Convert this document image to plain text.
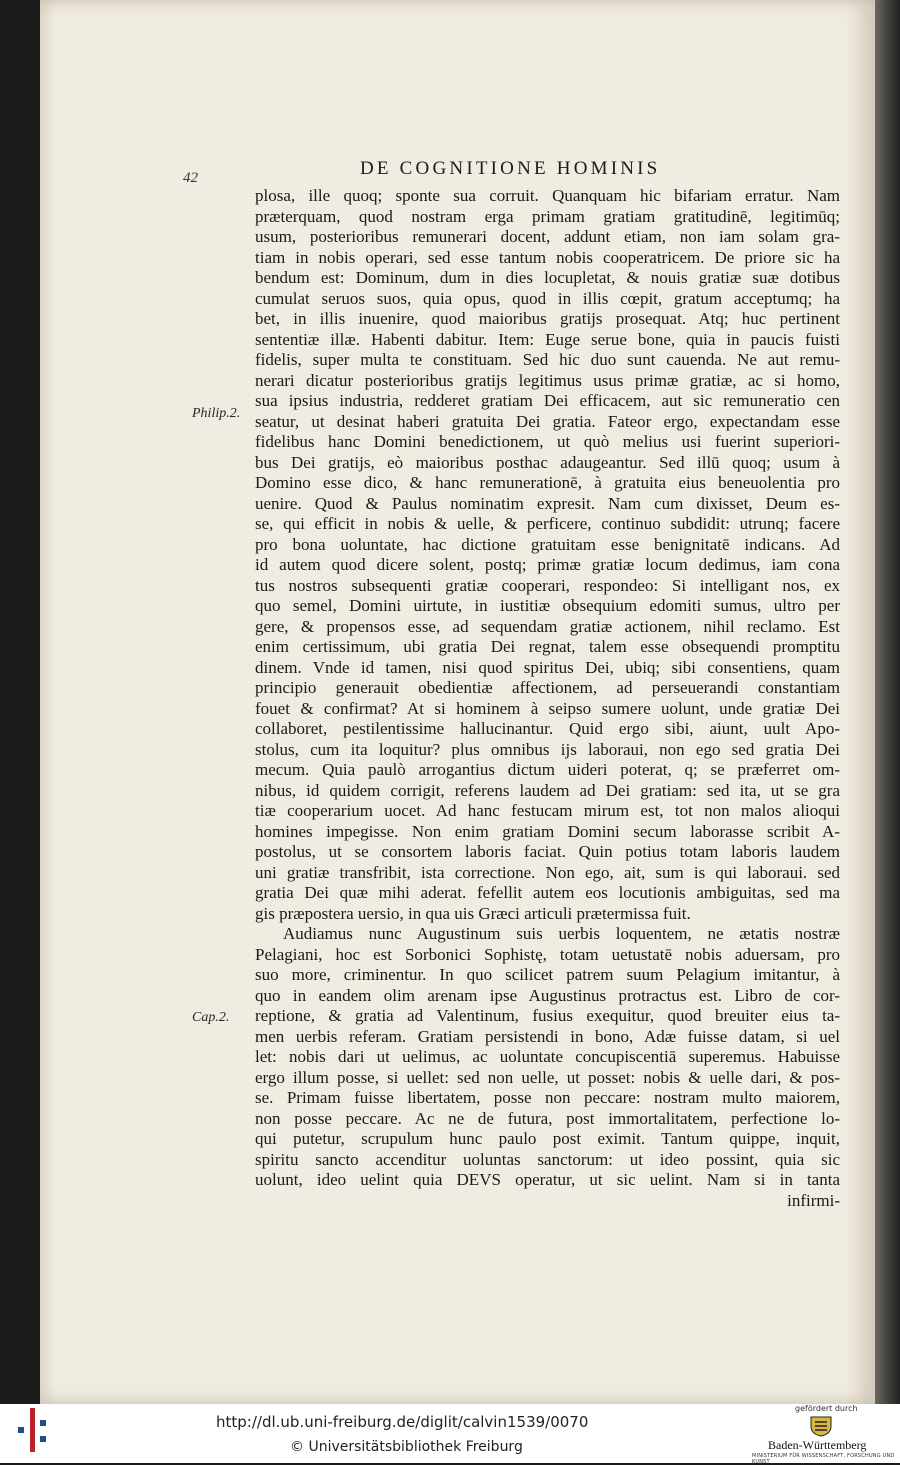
42	DE COGNITIONE HOMINIS
Philip.2.
Cap.2.
plosa, ille quoq; sponte sua corruit. Quanquam hic bifariam erratur. Nam
præterquam, quod nostram erga primam gratiam gratitudinē, legitimūq;
usum, posterioribus remunerari docent, addunt etiam, non iam solam gra-
tiam in nobis operari, sed esse tantum nobis cooperatricem. De priore sic ha
bendum est: Dominum, dum in dies locupletat, & nouis gratiæ suæ dotibus
cumulat seruos suos, quia opus, quod in illis cœpit, gratum acceptumq; ha
bet, in illis inuenire, quod maioribus gratijs prosequat. Atq; huc pertinent
sententiæ illæ. Habenti dabitur. Item: Euge serue bone, quia in paucis fuisti
fidelis, super multa te constituam. Sed hic duo sunt cauenda. Ne aut remu-
nerari dicatur posterioribus gratijs legitimus usus primæ gratiæ, ac si homo,
sua ipsius industria, redderet gratiam Dei efficacem, aut sic remuneratio cen
seatur, ut desinat haberi gratuita Dei gratia. Fateor ergo, expectandam esse
fidelibus hanc Domini benedictionem, ut quò melius usi fuerint superiori-
bus Dei gratijs, eò maioribus posthac adaugeantur. Sed illū quoq; usum à
Domino esse dico, & hanc remunerationē, à gratuita eius beneuolentia pro
uenire. Quod & Paulus nominatim expresit. Nam cum dixisset, Deum es-
se, qui efficit in nobis & uelle, & perficere, continuo subdidit: utrunq; facere
pro bona uoluntate, hac dictione gratuitam esse benignitatē indicans. Ad
id autem quod dicere solent, postq; primæ gratiæ locum dedimus, iam cona
tus nostros subsequenti gratiæ cooperari, respondeo: Si intelligant nos, ex
quo semel, Domini uirtute, in iustitiæ obsequium edomiti sumus, ultro per
gere, & propensos esse, ad sequendam gratiæ actionem, nihil reclamo. Est
enim certissimum, ubi gratia Dei regnat, talem esse obsequendi promptitu
dinem. Vnde id tamen, nisi quod spiritus Dei, ubiq; sibi consentiens, quam
principio generauit obedientiæ affectionem, ad perseuerandi constantiam
fouet & confirmat? At si hominem à seipso sumere uolunt, unde gratiæ Dei
collaboret, pestilentissime hallucinantur. Quid ergo sibi, aiunt, uult Apo-
stolus, cum ita loquitur? plus omnibus ijs laboraui, non ego sed gratia Dei
mecum. Quia paulò arrogantius dictum uideri poterat, q; se præferret om-
nibus, id quidem corrigit, referens laudem ad Dei gratiam: sed ita, ut se gra
tiæ cooperarium uocet. Ad hanc festucam mirum est, tot non malos alioqui
homines impegisse. Non enim gratiam Domini secum laborasse scribit A-
postolus, ut se consortem laboris faciat. Quin potius totam laboris laudem
uni gratiæ transfribit, ista correctione. Non ego, ait, sum is qui laboraui. sed
gratia Dei quæ mihi aderat. fefellit autem eos locutionis ambiguitas, sed ma
gis præpostera uersio, in qua uis Græci articuli prætermissa fuit.
Audiamus nunc Augustinum suis uerbis loquentem, ne ætatis nostræ
Pelagiani, hoc est Sorbonici Sophistę, totam uetustatē nobis aduersam, pro
suo more, criminentur. In quo scilicet patrem suum Pelagium imitantur, à
quo in eandem olim arenam ipse Augustinus protractus est. Libro de cor-
reptione, & gratia ad Valentinum, fusius exequitur, quod breuiter eius ta-
men uerbis referam. Gratiam persistendi in bono, Adæ fuisse datam, si uel
let: nobis dari ut uelimus, ac uoluntate concupiscentiā superemus. Habuisse
ergo illum posse, si uellet: sed non uelle, ut posset: nobis & uelle dari, & pos-
se. Primam fuisse libertatem, posse non peccare: nostram multo maiorem,
non posse peccare. Ac ne de futura, post immortalitatem, perfectione lo-
qui putetur, scrupulum hunc paulo post eximit. Tantum quippe, inquit,
spiritu sancto accenditur uoluntas sanctorum: ut ideo possint, quia sic
uolunt, ideo uelint quia DEVS operatur, ut sic uelint. Nam si in tanta
infirmi-
http://dl.ub.uni-freiburg.de/diglit/calvin1539/0070
© Universitätsbibliothek Freiburg
gefördert durch
Baden-Württemberg
MINISTERIUM FÜR WISSENSCHAFT, FORSCHUNG UND KUNST
